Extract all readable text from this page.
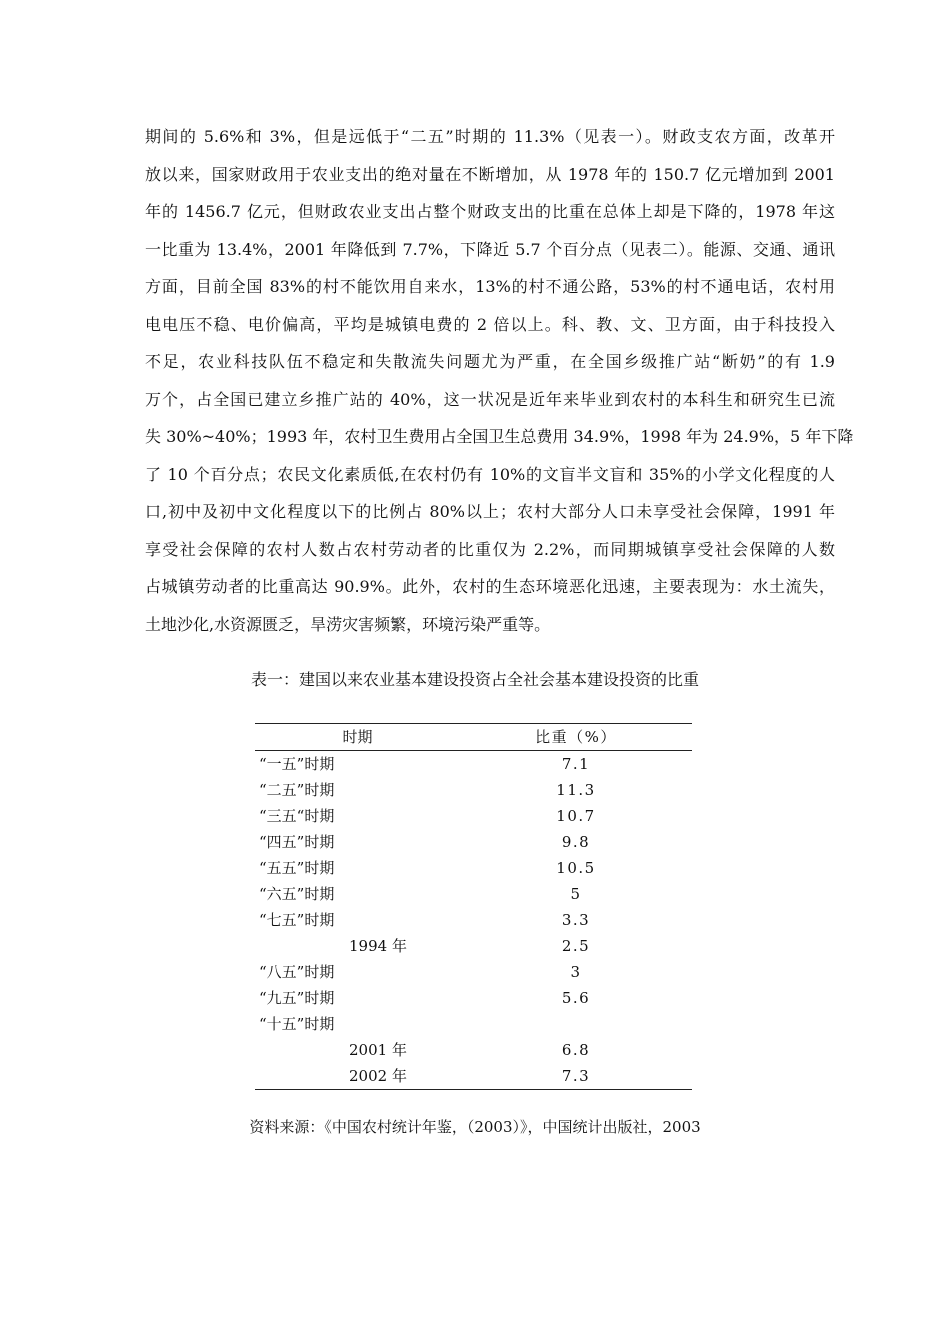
期间的 5.6%和 3%，但是远低于“二五”时期的 11.3%（见表一）。财政支农方面，改革开
放以来，国家财政用于农业支出的绝对量在不断增加，从 1978 年的 150.7 亿元增加到 2001
年的 1456.7 亿元，但财政农业支出占整个财政支出的比重在总体上却是下降的，1978 年这
一比重为 13.4%，2001 年降低到 7.7%，下降近 5.7 个百分点（见表二）。能源、交通、通讯
方面，目前全国 83%的村不能饮用自来水，13%的村不通公路，53%的村不通电话，农村用
电电压不稳、电价偏高，平均是城镇电费的 2 倍以上。科、教、文、卫方面，由于科技投入
不足，农业科技队伍不稳定和失散流失问题尤为严重，在全国乡级推广站“断奶”的有 1.9
万个，占全国已建立乡推广站的 40%，这一状况是近年来毕业到农村的本科生和研究生已流
失 30%~40%；1993 年，农村卫生费用占全国卫生总费用 34.9%，1998 年为 24.9%，5 年下降
了 10 个百分点；农民文化素质低,在农村仍有 10%的文盲半文盲和 35%的小学文化程度的人
口,初中及初中文化程度以下的比例占 80%以上；农村大部分人口未享受社会保障，1991 年
享受社会保障的农村人数占农村劳动者的比重仅为 2.2%，而同期城镇享受社会保障的人数
占城镇劳动者的比重高达 90.9%。此外，农村的生态环境恶化迅速，主要表现为：水土流失，
土地沙化,水资源匮乏，旱涝灾害频繁，环境污染严重等。
表一：建国以来农业基本建设投资占全社会基本建设投资的比重
时期	比重（%）
“一五”时期	7.1
“二五”时期	11.3
“三五“时期	10.7
“四五”时期	9.8
“五五”时期	10.5
“六五”时期	5
“七五”时期	3.3
1994 年	2.5
“八五”时期	3
“九五”时期	5.6
“十五”时期
2001 年	6.8
2002 年	7.3
资料来源：《中国农村统计年鉴，（2003）》，中国统计出版社，2003
